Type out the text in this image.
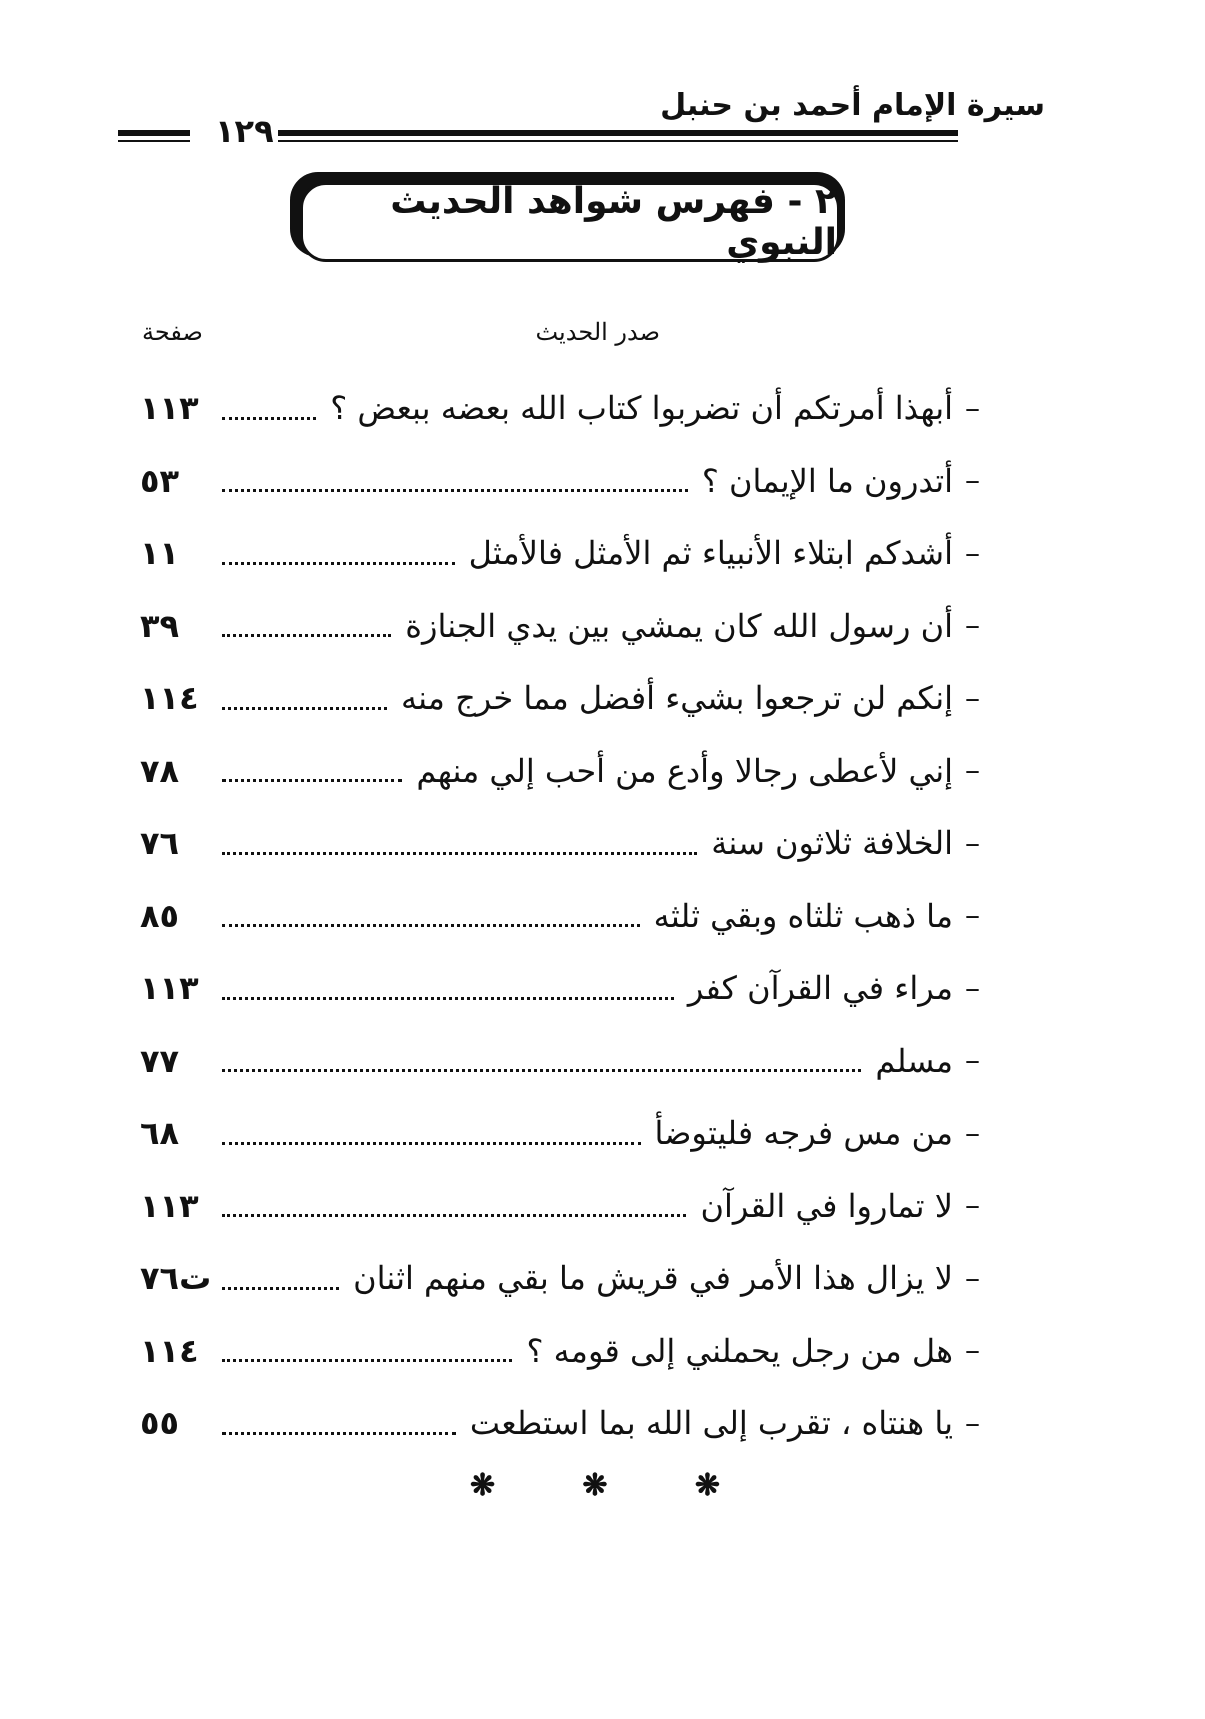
سيرة الإمام أحمد بن حنبل
١٢٩
٢ - فهرس شواهد الحديث النبوي
صدر الحديث
صفحة
–
أبهذا أمرتكم أن تضربوا كتاب الله بعضه ببعض ؟
١١٣
–
أتدرون ما الإيمان ؟
٥٣
–
أشدكم ابتلاء الأنبياء ثم الأمثل فالأمثل
١١
–
أن رسول الله كان يمشي بين يدي الجنازة
٣٩
–
إنكم لن ترجعوا بشيء أفضل مما خرج منه
١١٤
–
إني لأعطى رجالا وأدع من أحب إلي منهم
٧٨
–
الخلافة ثلاثون سنة
٧٦
–
ما ذهب ثلثاه وبقي ثلثه
٨٥
–
مراء في القرآن كفر
١١٣
–
مسلم
٧٧
–
من مس فرجه فليتوضأ
٦٨
–
لا تماروا في القرآن
١١٣
–
لا يزال هذا الأمر في قريش ما بقي منهم اثنان
ت٧٦
–
هل من رجل يحملني إلى قومه ؟
١١٤
–
يا هنتاه ، تقرب إلى الله بما استطعت
٥٥
❋	❋	❋
